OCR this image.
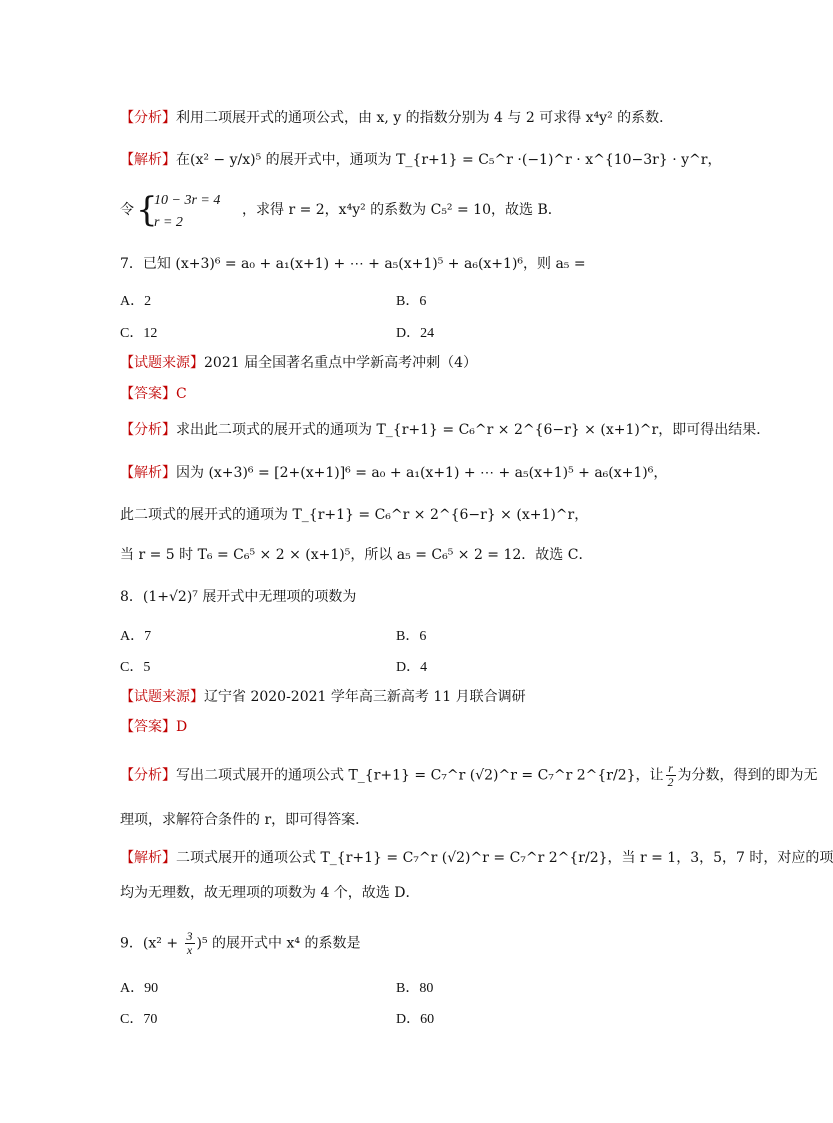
【分析】利用二项展开式的通项公式，由 x, y 的指数分别为 4 与 2 可求得 x⁴y² 的系数．
【解析】在(x² − y/x)⁵ 的展开式中，通项为 T_{r+1} = C₅^r ·(−1)^r · x^{10−3r} · y^r，
令 {
10 − 3r = 4
r = 2
，求得 r = 2，x⁴y² 的系数为 C₅² = 10，故选 B．
7．已知 (x+3)⁶ = a₀ + a₁(x+1) + ⋯ + a₅(x+1)⁵ + a₆(x+1)⁶，则 a₅ =
A．2	B．6
C．12	D．24
【试题来源】2021 届全国著名重点中学新高考冲刺（4）
【答案】C
【分析】求出此二项式的展开式的通项为 T_{r+1} = C₆^r × 2^{6−r} × (x+1)^r，即可得出结果．
【解析】因为 (x+3)⁶ = [2+(x+1)]⁶ = a₀ + a₁(x+1) + ⋯ + a₅(x+1)⁵ + a₆(x+1)⁶，
此二项式的展开式的通项为 T_{r+1} = C₆^r × 2^{6−r} × (x+1)^r，
当 r = 5 时 T₆ = C₆⁵ × 2 × (x+1)⁵，所以 a₅ = C₆⁵ × 2 = 12．故选 C．
8．(1+√2)⁷ 展开式中无理项的项数为
A．7	B．6
C．5	D．4
【试题来源】辽宁省 2020-2021 学年高三新高考 11 月联合调研
【答案】D
【分析】写出二项式展开的通项公式 T_{r+1} = C₇^r (√2)^r = C₇^r 2^{r/2}，让 $\frac{r}{2}$ 为分数，得到的即为无
理项，求解符合条件的 r，即可得答案．
【解析】二项式展开的通项公式 T_{r+1} = C₇^r (√2)^r = C₇^r 2^{r/2}，当 r = 1，3，5，7 时，对应的项
均为无理数，故无理项的项数为 4 个，故选 D．
9．$(x^2 + \frac{3}{x} )^5$ 的展开式中 x⁴ 的系数是
A．90	B．80
C．70	D．60
